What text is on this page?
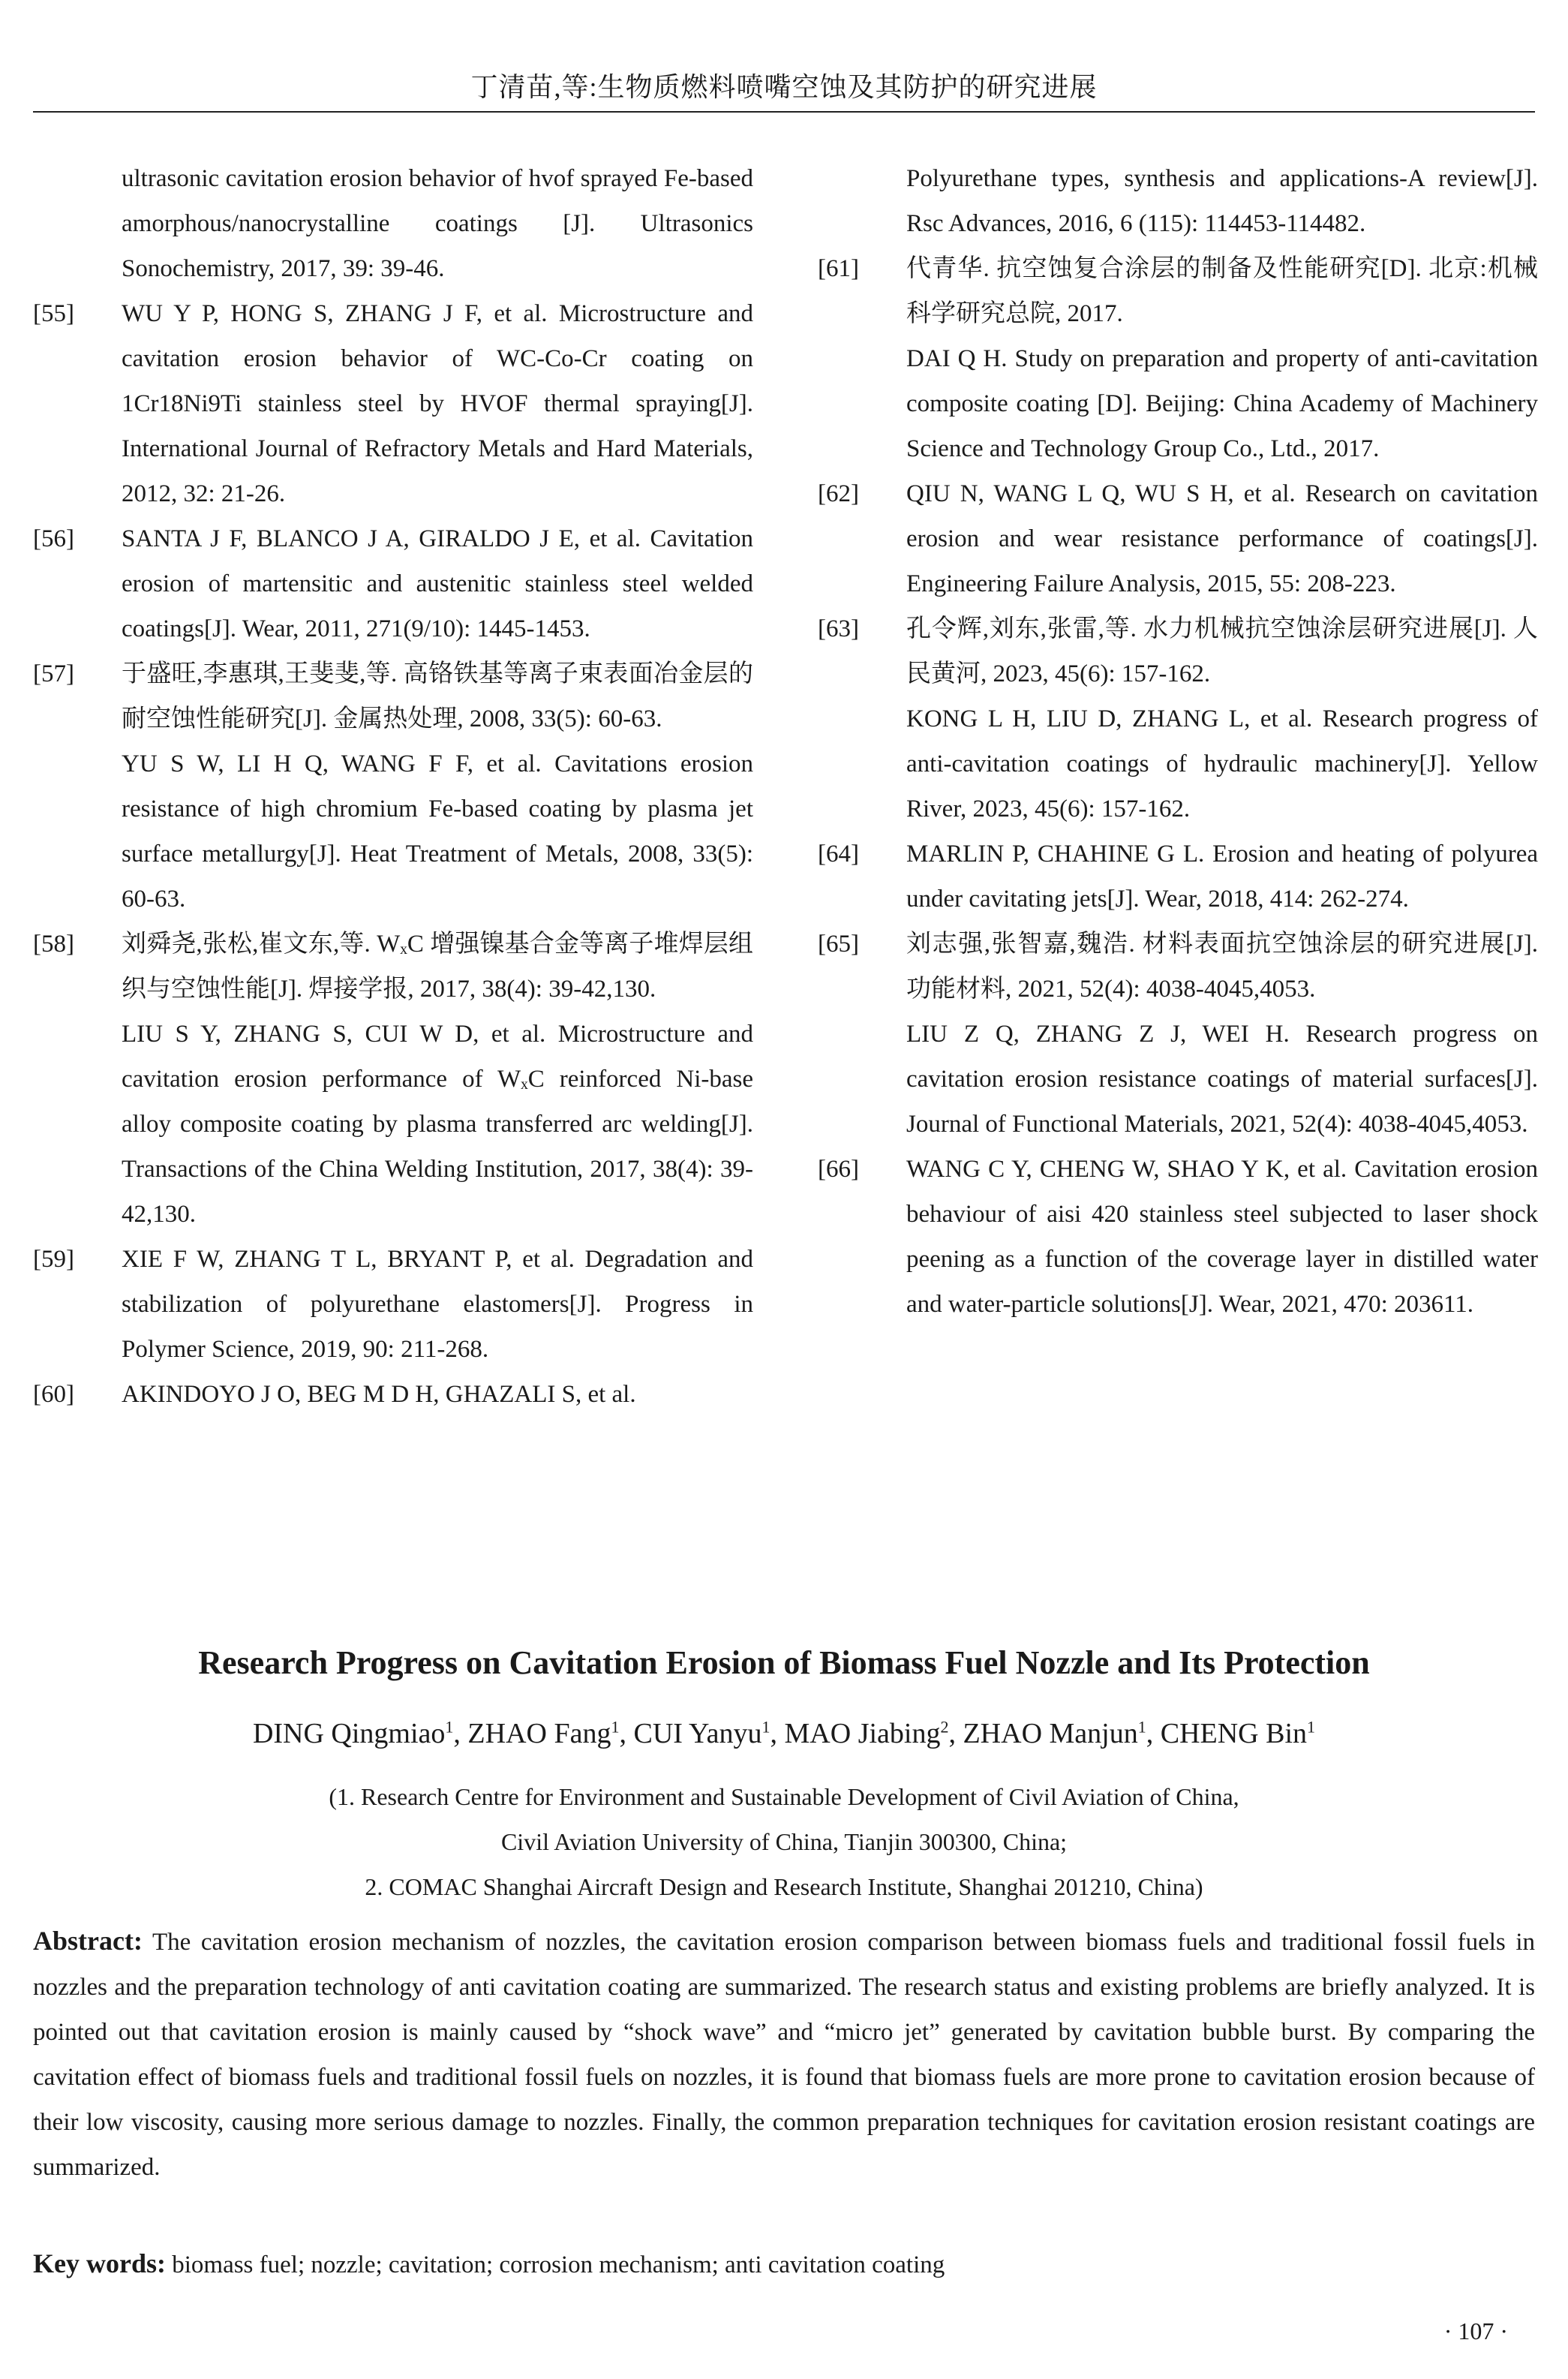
丁清苗,等:生物质燃料喷嘴空蚀及其防护的研究进展

ultrasonic cavitation erosion behavior of hvof sprayed Fe-based amorphous/nanocrystalline coatings [J]. Ultrasonics Sonochemistry, 2017, 39: 39-46.

[55]	WU Y P, HONG S, ZHANG J F, et al. Microstructure and cavitation erosion behavior of WC-Co-Cr coating on 1Cr18Ni9Ti stainless steel by HVOF thermal spraying[J]. International Journal of Refractory Metals and Hard Materials, 2012, 32: 21-26.

[56]	SANTA J F, BLANCO J A, GIRALDO J E, et al. Cavitation erosion of martensitic and austenitic stainless steel welded coatings[J]. Wear, 2011, 271(9/10): 1445-1453.

[57]	于盛旺,李惠琪,王斐斐,等. 高铬铁基等离子束表面冶金层的耐空蚀性能研究[J]. 金属热处理, 2008, 33(5): 60-63.

YU S W, LI H Q, WANG F F, et al. Cavitations erosion resistance of high chromium Fe-based coating by plasma jet surface metallurgy[J]. Heat Treatment of Metals, 2008, 33(5): 60-63.

[58]	刘舜尧,张松,崔文东,等. WₓC 增强镍基合金等离子堆焊层组织与空蚀性能[J]. 焊接学报, 2017, 38(4): 39-42,130.

LIU S Y, ZHANG S, CUI W D, et al. Microstructure and cavitation erosion performance of WₓC reinforced Ni-base alloy composite coating by plasma transferred arc welding[J]. Transactions of the China Welding Institution, 2017, 38(4): 39-42,130.

[59]	XIE F W, ZHANG T L, BRYANT P, et al. Degradation and stabilization of polyurethane elastomers[J]. Progress in Polymer Science, 2019, 90: 211-268.

[60]	AKINDOYO J O, BEG M D H, GHAZALI S, et al.

Polyurethane types, synthesis and applications-A review[J]. Rsc Advances, 2016, 6 (115): 114453-114482.

[61]	代青华. 抗空蚀复合涂层的制备及性能研究[D]. 北京:机械科学研究总院, 2017.

DAI Q H. Study on preparation and property of anti-cavitation composite coating [D]. Beijing: China Academy of Machinery Science and Technology Group Co., Ltd., 2017.

[62]	QIU N, WANG L Q, WU S H, et al. Research on cavitation erosion and wear resistance performance of coatings[J]. Engineering Failure Analysis, 2015, 55: 208-223.

[63]	孔令辉,刘东,张雷,等. 水力机械抗空蚀涂层研究进展[J]. 人民黄河, 2023, 45(6): 157-162.

KONG L H, LIU D, ZHANG L, et al. Research progress of anti-cavitation coatings of hydraulic machinery[J]. Yellow River, 2023, 45(6): 157-162.

[64]	MARLIN P, CHAHINE G L. Erosion and heating of polyurea under cavitating jets[J]. Wear, 2018, 414: 262-274.

[65]	刘志强,张智嘉,魏浩. 材料表面抗空蚀涂层的研究进展[J]. 功能材料, 2021, 52(4): 4038-4045,4053.

LIU Z Q, ZHANG Z J, WEI H. Research progress on cavitation erosion resistance coatings of material surfaces[J]. Journal of Functional Materials, 2021, 52(4): 4038-4045,4053.

[66]	WANG C Y, CHENG W, SHAO Y K, et al. Cavitation erosion behaviour of aisi 420 stainless steel subjected to laser shock peening as a function of the coverage layer in distilled water and water-particle solutions[J]. Wear, 2021, 470: 203611.

Research Progress on Cavitation Erosion of Biomass Fuel Nozzle and Its Protection
DING Qingmiao$^1$, ZHAO Fang$^1$, CUI Yanyu$^1$, MAO Jiabing$^2$, ZHAO Manjun$^1$, CHENG Bin$^1$
(1. Research Centre for Environment and Sustainable Development of Civil Aviation of China,
Civil Aviation University of China, Tianjin 300300, China;
2. COMAC Shanghai Aircraft Design and Research Institute, Shanghai 201210, China)
Abstract: The cavitation erosion mechanism of nozzles, the cavitation erosion comparison between biomass fuels and traditional fossil fuels in nozzles and the preparation technology of anti cavitation coating are summarized. The research status and existing problems are briefly analyzed. It is pointed out that cavitation erosion is mainly caused by “shock wave” and “micro jet” generated by cavitation bubble burst. By comparing the cavitation effect of biomass fuels and traditional fossil fuels on nozzles, it is found that biomass fuels are more prone to cavitation erosion because of their low viscosity, causing more serious damage to nozzles. Finally, the common preparation techniques for cavitation erosion resistant coatings are summarized.
Key words: biomass fuel; nozzle; cavitation; corrosion mechanism; anti cavitation coating
· 107 ·
